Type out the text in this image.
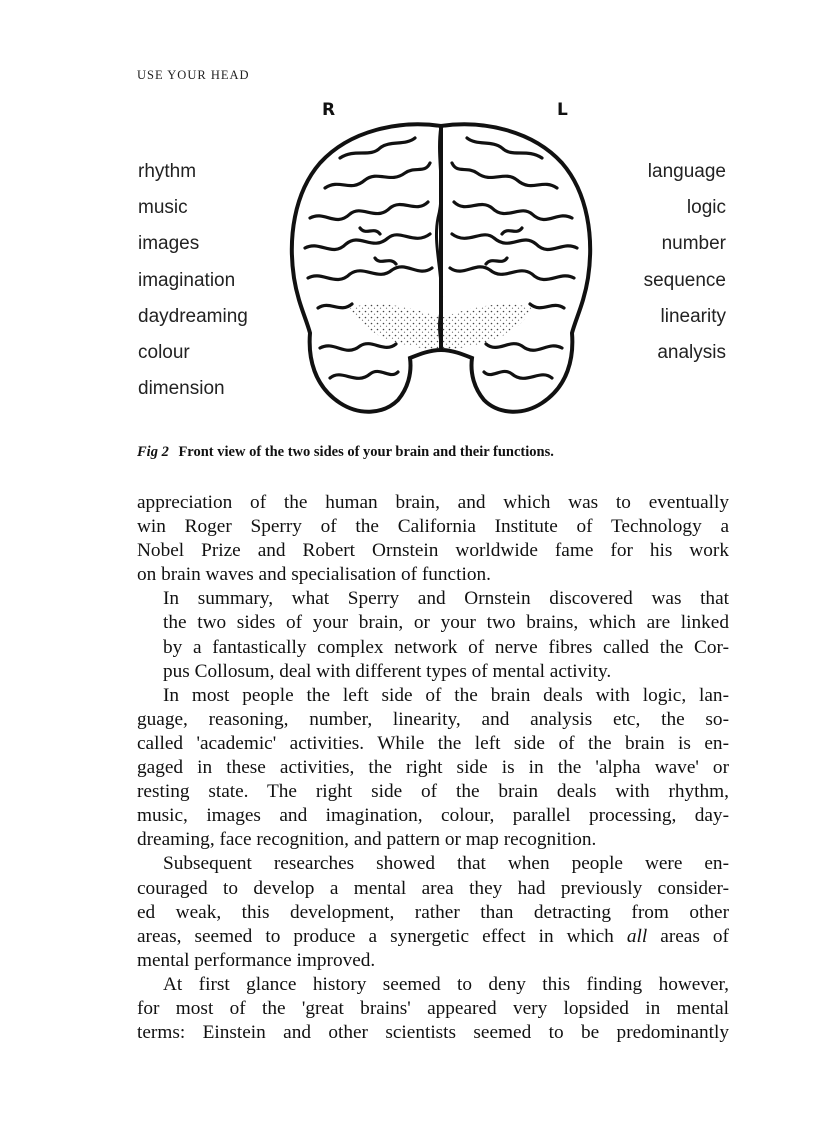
USE YOUR HEAD
R	L
rhythm
music
images
imagination
daydreaming
colour
dimension
language
logic
number
sequence
linearity
analysis
Fig 2 Front view of the two sides of your brain and their functions.

appreciation of the human brain, and which was to eventually
win Roger Sperry of the California Institute of Technology a
Nobel Prize and Robert Ornstein worldwide fame for his work
on brain waves and specialisation of function.

In summary, what Sperry and Ornstein discovered was that
the two sides of your brain, or your two brains, which are linked
by a fantastically complex network of nerve fibres called the Cor-
pus Collosum, deal with different types of mental activity.

In most people the left side of the brain deals with logic, lan-
guage, reasoning, number, linearity, and analysis etc, the so-
called 'academic' activities. While the left side of the brain is en-
gaged in these activities, the right side is in the 'alpha wave' or
resting state. The right side of the brain deals with rhythm,
music, images and imagination, colour, parallel processing, day-
dreaming, face recognition, and pattern or map recognition.

Subsequent researches showed that when people were en-
couraged to develop a mental area they had previously consider-
ed weak, this development, rather than detracting from other
areas, seemed to produce a synergetic effect in which all areas of
mental performance improved.

At first glance history seemed to deny this finding however,
for most of the 'great brains' appeared very lopsided in mental
terms: Einstein and other scientists seemed to be predominantly
